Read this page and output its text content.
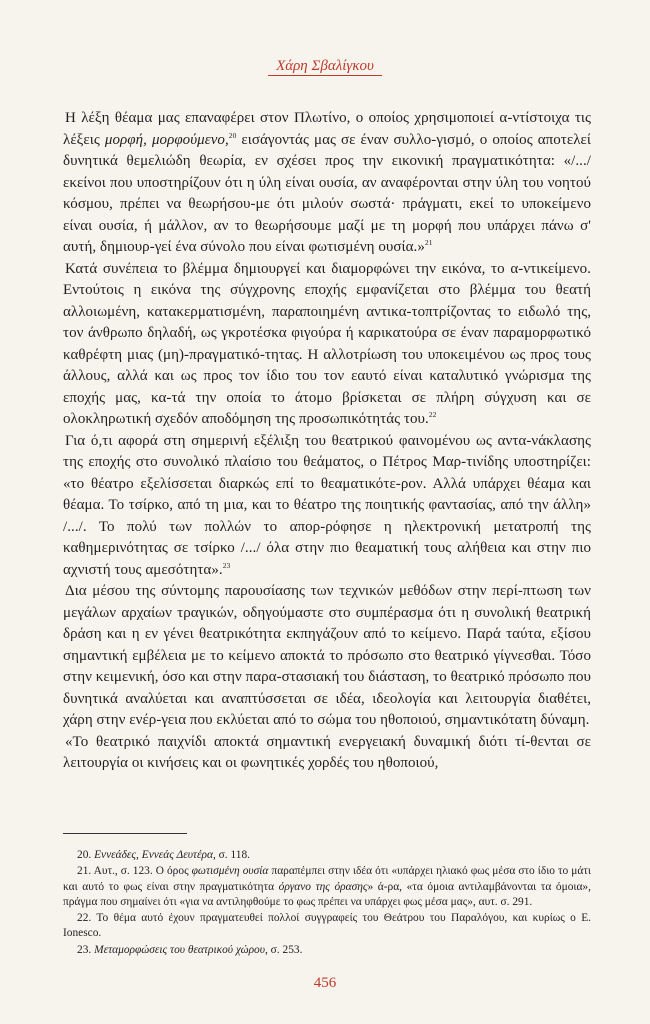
Χάρη Σβαλίγκου

Η λέξη θέαμα μας επαναφέρει στον Πλωτίνο, ο οποίος χρησιμοποιεί α-ντίστοιχα τις λέξεις μορφή, μορφούμενο,$^{20}$ εισάγοντάς μας σε έναν συλλο-γισμό, ο οποίος αποτελεί δυνητικά θεμελιώδη θεωρία, εν σχέσει προς την εικονική πραγματικότητα: «/.../ εκείνοι που υποστηρίζουν ότι η ύλη είναι ουσία, αν αναφέρονται στην ύλη του νοητού κόσμου, πρέπει να θεωρήσου-με ότι μιλούν σωστά· πράγματι, εκεί το υποκείμενο είναι ουσία, ή μάλλον, αν το θεωρήσουμε μαζί με τη μορφή που υπάρχει πάνω σ' αυτή, δημιουρ-γεί ένα σύνολο που είναι φωτισμένη ουσία.»$^{21}$

Κατά συνέπεια το βλέμμα δημιουργεί και διαμορφώνει την εικόνα, το α-ντικείμενο. Εντούτοις η εικόνα της σύγχρονης εποχής εμφανίζεται στο βλέμμα του θεατή αλλοιωμένη, κατακερματισμένη, παραποιημένη αντικα-τοπτρίζοντας το ειδωλό της, τον άνθρωπο δηλαδή, ως γκροτέσκα φιγούρα ή καρικατούρα σε έναν παραμορφωτικό καθρέφτη μιας (μη)-πραγματικό-τητας. Η αλλοτρίωση του υποκειμένου ως προς τους άλλους, αλλά και ως προς τον ίδιο του τον εαυτό είναι καταλυτικό γνώρισμα της εποχής μας, κα-τά την οποία το άτομο βρίσκεται σε πλήρη σύγχυση και σε ολοκληρωτική σχεδόν αποδόμηση της προσωπικότητάς του.$^{22}$

Για ό,τι αφορά στη σημερινή εξέλιξη του θεατρικού φαινομένου ως αντα-νάκλασης της εποχής στο συνολικό πλαίσιο του θεάματος, ο Πέτρος Μαρ-τινίδης υποστηρίζει: «το θέατρο εξελίσσεται διαρκώς επί το θεαματικότε-ρον. Αλλά υπάρχει θέαμα και θέαμα. Το τσίρκο, από τη μια, και το θέατρο της ποιητικής φαντασίας, από την άλλη» /.../. Το πολύ των πολλών το απορ-ρόφησε η ηλεκτρονική μετατροπή της καθημερινότητας σε τσίρκο /.../ όλα στην πιο θεαματική τους αλήθεια και στην πιο αχνιστή τους αμεσότητα».$^{23}$

Δια μέσου της σύντομης παρουσίασης των τεχνικών μεθόδων στην περί-πτωση των μεγάλων αρχαίων τραγικών, οδηγούμαστε στο συμπέρασμα ότι η συνολική θεατρική δράση και η εν γένει θεατρικότητα εκπηγάζουν από το κείμενο. Παρά ταύτα, εξίσου σημαντική εμβέλεια με το κείμενο αποκτά το πρόσωπο στο θεατρικό γίγνεσθαι. Τόσο στην κειμενική, όσο και στην παρα-στασιακή του διάσταση, το θεατρικό πρόσωπο που δυνητικά αναλύεται και αναπτύσσεται σε ιδέα, ιδεολογία και λειτουργία διαθέτει, χάρη στην ενέρ-γεια που εκλύεται από το σώμα του ηθοποιού, σημαντικότατη δύναμη.

«Το θεατρικό παιχνίδι αποκτά σημαντική ενεργειακή δυναμική διότι τί-θενται σε λειτουργία οι κινήσεις και οι φωνητικές χορδές του ηθοποιού,

20. Εννεάδες, Εννεάς Δευτέρα, σ. 118.

21. Αυτ., σ. 123. Ο όρος φωτισμένη ουσία παραπέμπει στην ιδέα ότι «υπάρχει ηλιακό φως μέσα στο ίδιο το μάτι και αυτό το φως είναι στην πραγματικότητα όργανο της όρασης» ά-ρα, «τα όμοια αντιλαμβάνονται τα όμοια», πράγμα που σημαίνει ότι «για να αντιληφθούμε το φως πρέπει να υπάρχει φως μέσα μας», αυτ. σ. 291.

22. Το θέμα αυτό έχουν πραγματευθεί πολλοί συγγραφείς του Θεάτρου του Παραλόγου, και κυρίως ο Ε. Ionesco.

23. Μεταμορφώσεις του θεατρικού χώρου, σ. 253.

456
